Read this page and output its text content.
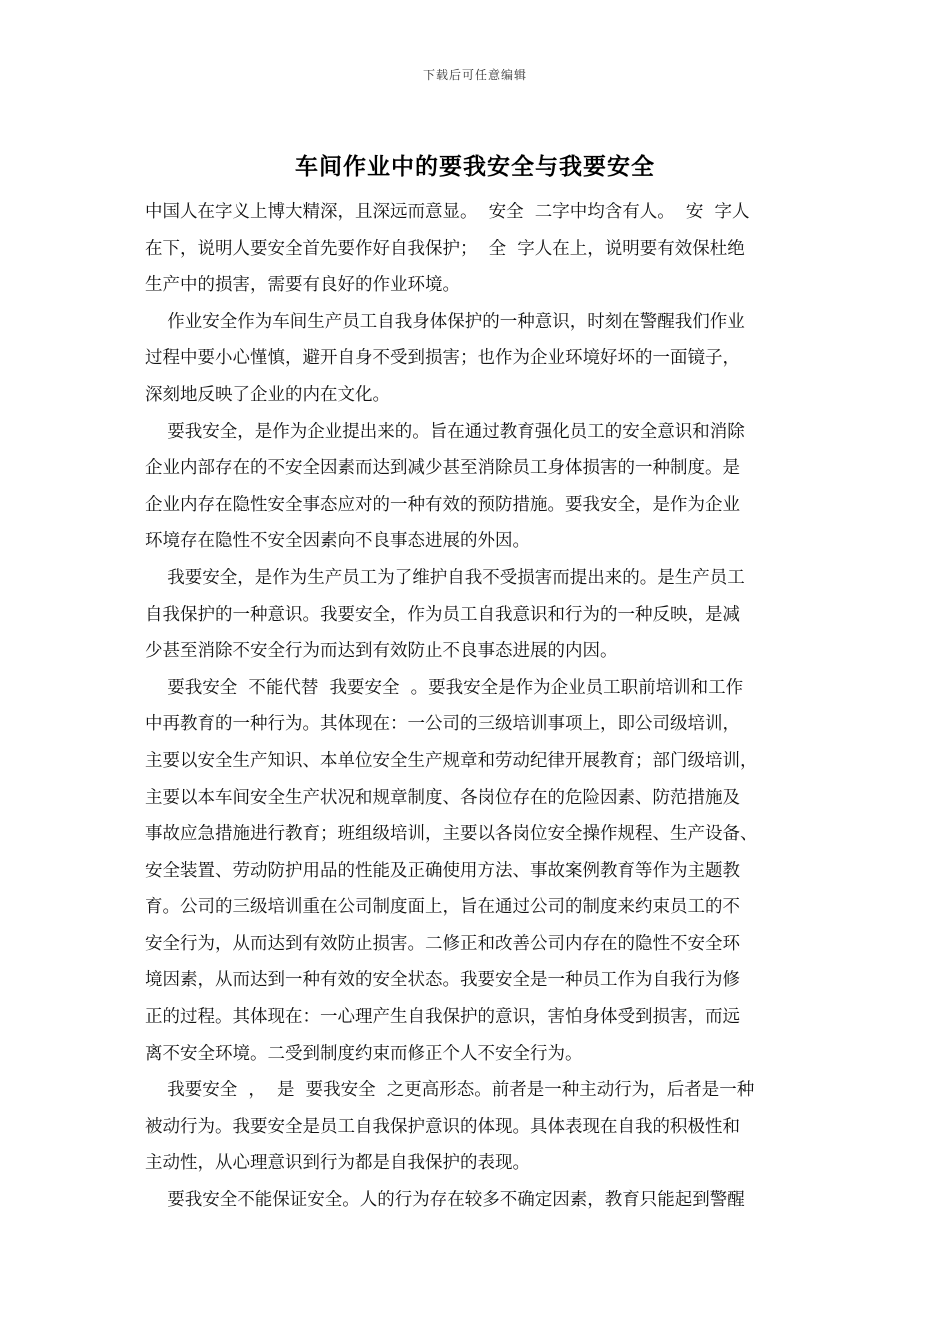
下载后可任意编辑
车间作业中的要我安全与我要安全
中国人在字义上博大精深，且深远而意显。  安全  二字中均含有人。  安  字人
在下，说明人要安全首先要作好自我保护；  全  字人在上，说明要有效保杜绝
生产中的损害，需要有良好的作业环境。
作业安全作为车间生产员工自我身体保护的一种意识，时刻在警醒我们作业
过程中要小心慬慎，避开自身不受到损害；也作为企业环境好坏的一面镜子，
深刻地反映了企业的内在文化。
要我安全，是作为企业提出来的。旨在通过教育强化员工的安全意识和消除
企业内部存在的不安全因素而达到减少甚至消除员工身体损害的一种制度。是
企业内存在隐性安全事态应对的一种有效的预防措施。要我安全，是作为企业
环境存在隐性不安全因素向不良事态进展的外因。
我要安全，是作为生产员工为了维护自我不受损害而提出来的。是生产员工
自我保护的一种意识。我要安全，作为员工自我意识和行为的一种反映，是减
少甚至消除不安全行为而达到有效防止不良事态进展的内因。
要我安全  不能代替  我要安全  。要我安全是作为企业员工职前培训和工作
中再教育的一种行为。其体现在：一公司的三级培训事项上，即公司级培训，
主要以安全生产知识、本单位安全生产规章和劳动纪律开展教育；部门级培训，
主要以本车间安全生产状况和规章制度、各岗位存在的危险因素、防范措施及
事故应急措施进行教育；班组级培训，主要以各岗位安全操作规程、生产设备、
安全装置、劳动防护用品的性能及正确使用方法、事故案例教育等作为主题教
育。公司的三级培训重在公司制度面上，旨在通过公司的制度来约束员工的不
安全行为，从而达到有效防止损害。二修正和改善公司内存在的隐性不安全环
境因素，从而达到一种有效的安全状态。我要安全是一种员工作为自我行为修
正的过程。其体现在：一心理产生自我保护的意识，害怕身体受到损害，而远
离不安全环境。二受到制度约束而修正个人不安全行为。
我要安全  ，  是  要我安全  之更高形态。前者是一种主动行为，后者是一种
被动行为。我要安全是员工自我保护意识的体现。具体表现在自我的积极性和
主动性，从心理意识到行为都是自我保护的表现。
要我安全不能保证安全。人的行为存在较多不确定因素，教育只能起到警醒
